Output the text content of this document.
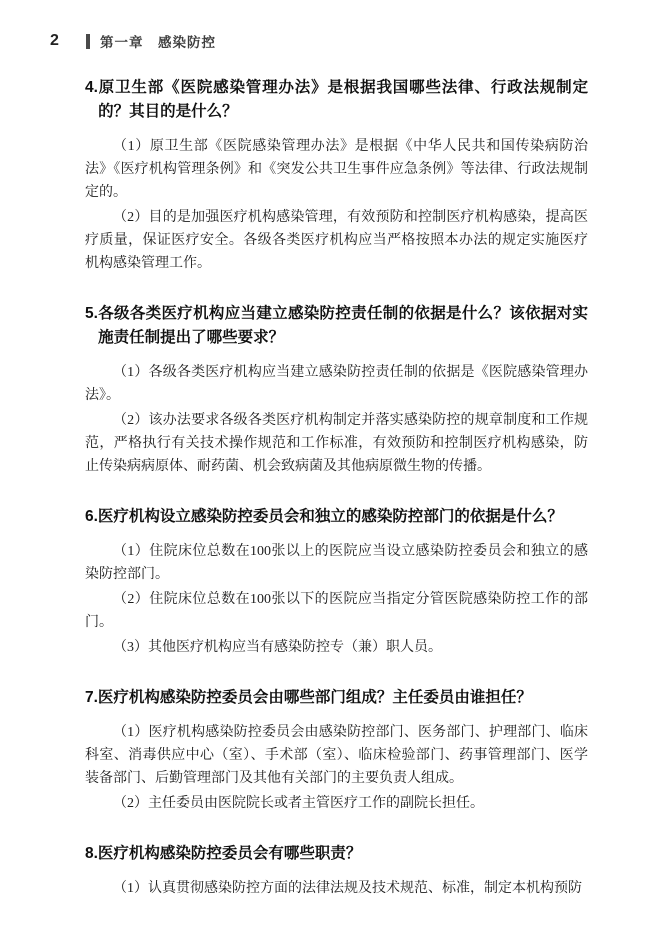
2	第一章　感染防控
4.原卫生部《医院感染管理办法》是根据我国哪些法律、行政法规制定的？其目的是什么？

（1）原卫生部《医院感染管理办法》是根据《中华人民共和国传染病防治法》《医疗机构管理条例》和《突发公共卫生事件应急条例》等法律、行政法规制定的。

（2）目的是加强医疗机构感染管理，有效预防和控制医疗机构感染，提高医疗质量，保证医疗安全。各级各类医疗机构应当严格按照本办法的规定实施医疗机构感染管理工作。

5.各级各类医疗机构应当建立感染防控责任制的依据是什么？该依据对实施责任制提出了哪些要求？

（1）各级各类医疗机构应当建立感染防控责任制的依据是《医院感染管理办法》。

（2）该办法要求各级各类医疗机构制定并落实感染防控的规章制度和工作规范，严格执行有关技术操作规范和工作标准，有效预防和控制医疗机构感染，防止传染病病原体、耐药菌、机会致病菌及其他病原微生物的传播。

6.医疗机构设立感染防控委员会和独立的感染防控部门的依据是什么？

（1）住院床位总数在100张以上的医院应当设立感染防控委员会和独立的感染防控部门。

（2）住院床位总数在100张以下的医院应当指定分管医院感染防控工作的部门。

（3）其他医疗机构应当有感染防控专（兼）职人员。

7.医疗机构感染防控委员会由哪些部门组成？主任委员由谁担任？

（1）医疗机构感染防控委员会由感染防控部门、医务部门、护理部门、临床科室、消毒供应中心（室）、手术部（室）、临床检验部门、药事管理部门、医学装备部门、后勤管理部门及其他有关部门的主要负责人组成。

（2）主任委员由医院院长或者主管医疗工作的副院长担任。

8.医疗机构感染防控委员会有哪些职责？

（1）认真贯彻感染防控方面的法律法规及技术规范、标准，制定本机构预防
